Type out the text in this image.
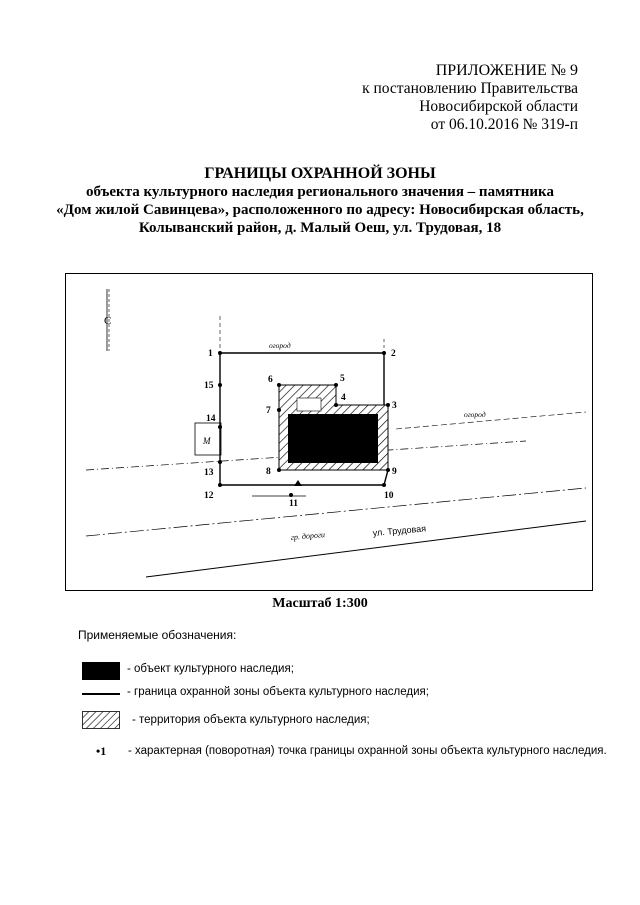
ПРИЛОЖЕНИЕ № 9
к постановлению Правительства
Новосибирской области
от 06.10.2016 № 319-п
ГРАНИЦЫ ОХРАННОЙ ЗОНЫ
объекта культурного наследия регионального значения – памятника
«Дом жилой Савинцева», расположенного по адресу: Новосибирская область,
Колыванский район, д. Малый Оеш, ул. Трудовая, 18
С
М
1	2
3
4
5
6
7
8	9
10
11
12
13
14
15
огород
огород
гр. дороги	ул. Трудовая
Масштаб 1:300
Применяемые обозначения:
- объект культурного наследия;
- граница охранной зоны объекта культурного наследия;
- территория объекта культурного наследия;
•1 - характерная (поворотная) точка границы охранной зоны объекта культурного наследия.
